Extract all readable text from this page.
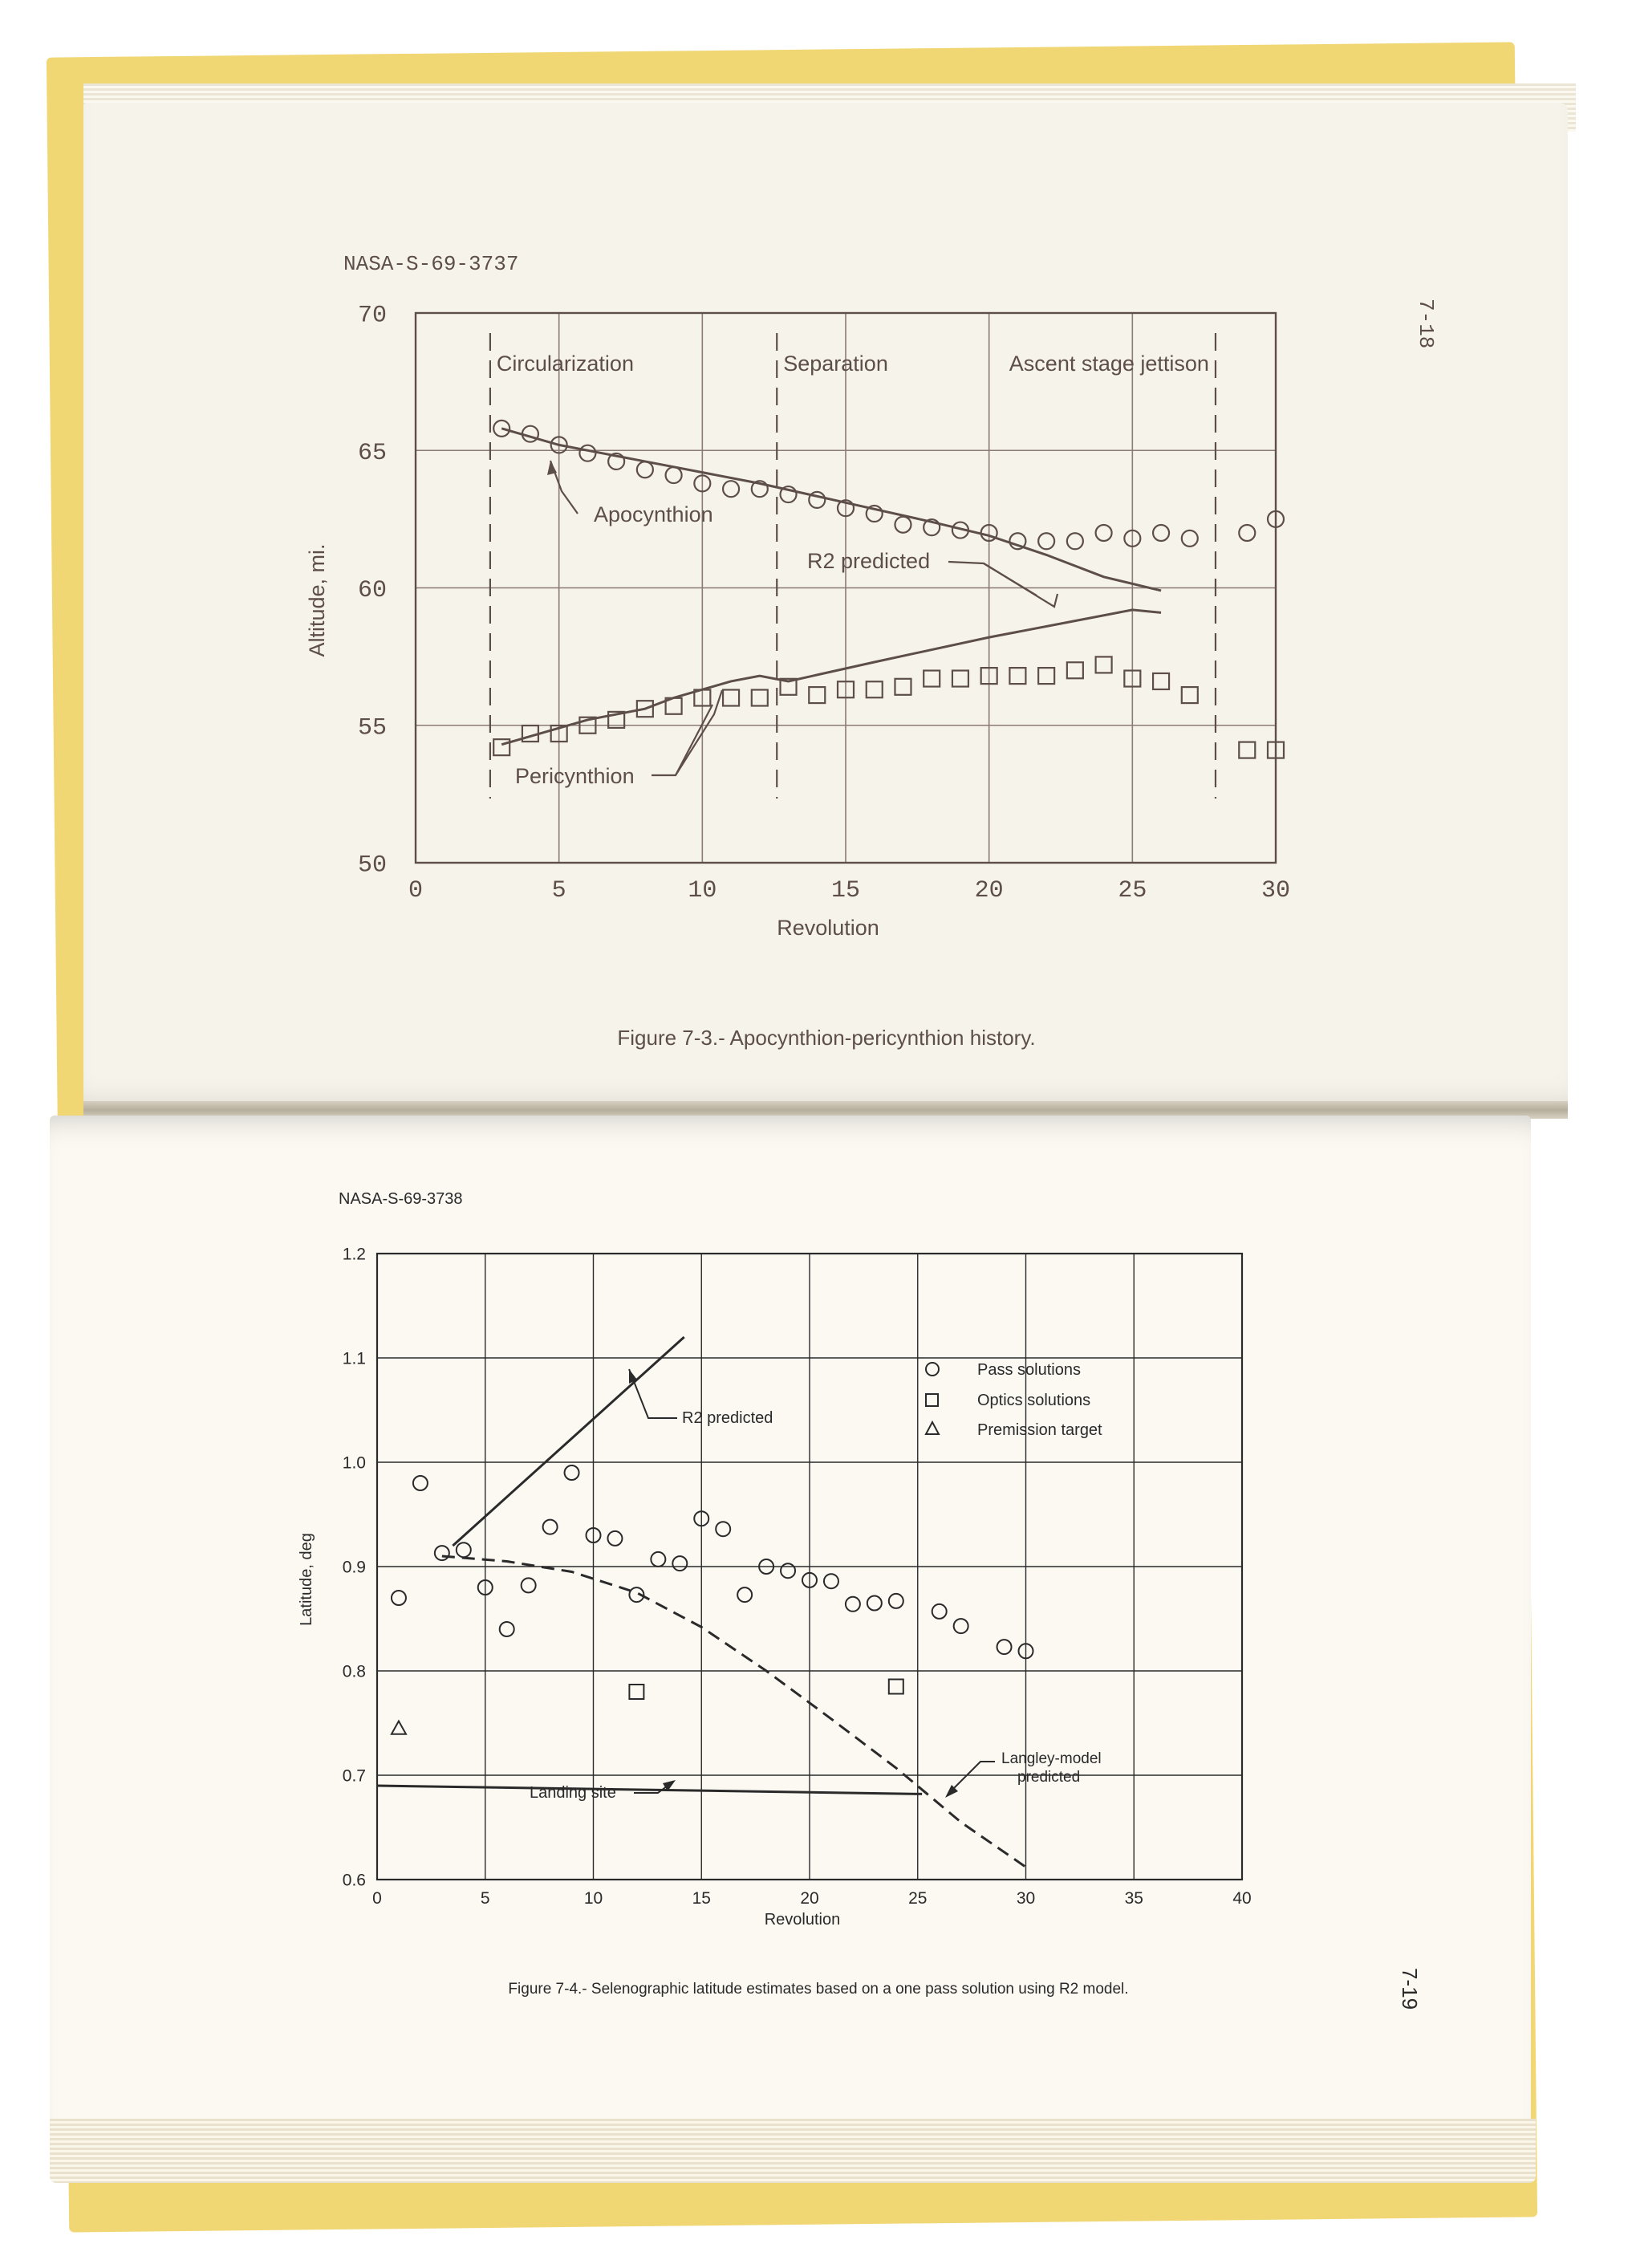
NASA-S-69-3737
7-18
0	5	10	15	20	25	30
50
55
60
65
70
Circularization	Separation	Ascent stage jettison
Revolution
Altitude, mi.
Apocynthion
R2 predicted
Pericynthion
Figure 7-3.- Apocynthion-pericynthion history.
NASA-S-69-3738
7-19
0	5	10	15	20	25	30	35	40
0.6
0.7
0.8
0.9
1.0
1.1
1.2
Revolution
Latitude, deg
Pass solutions
Optics solutions
Premission target
R2 predicted
Landing site
Langley-model
predicted
Figure 7-4.- Selenographic latitude estimates based on a one pass solution using R2 model.
